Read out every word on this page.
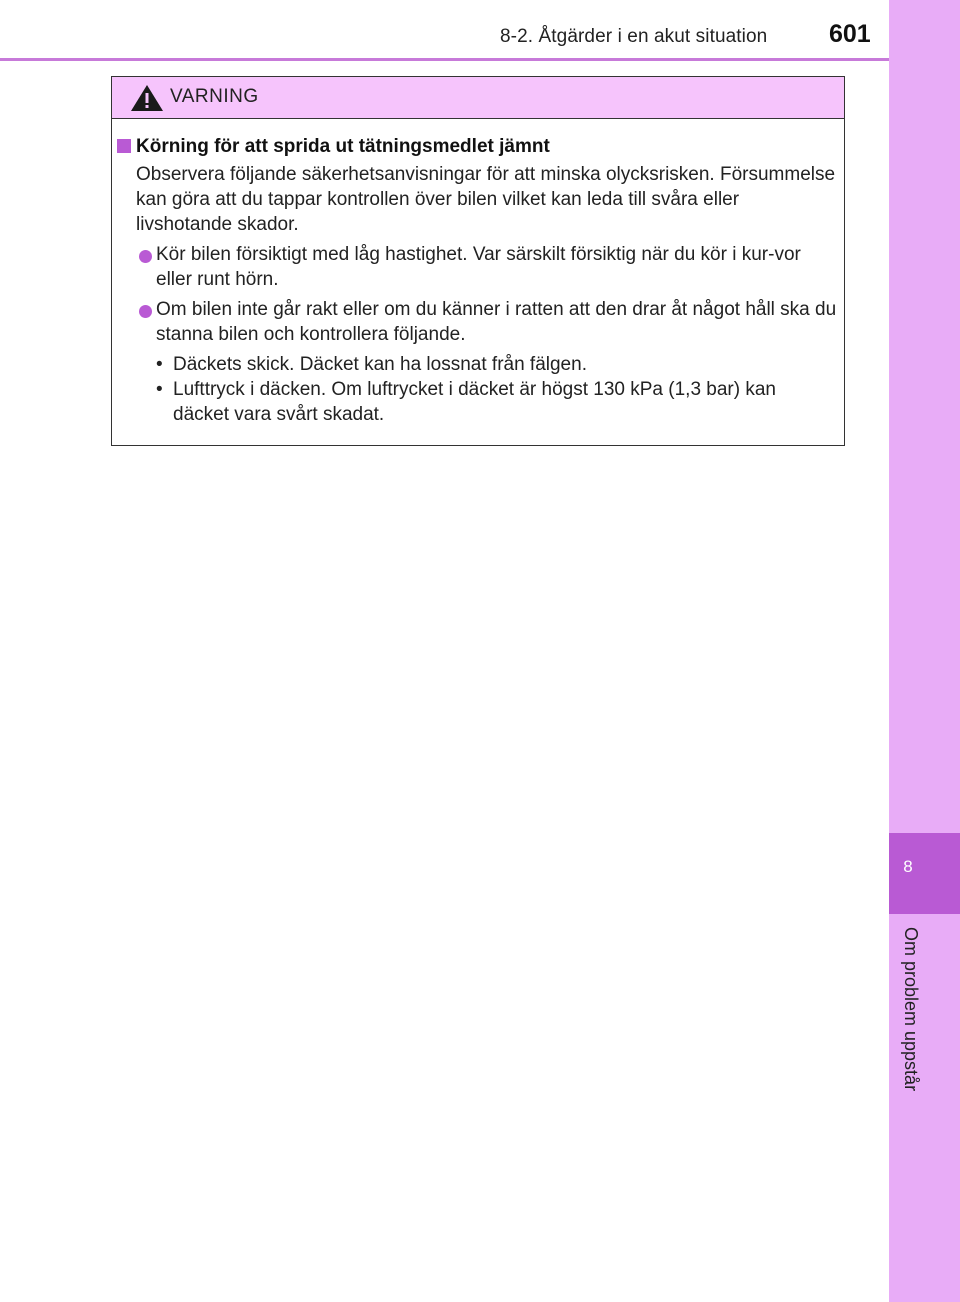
8-2. Åtgärder i en akut situation 601
8
Om problem uppstår
VARNING
Körning för att sprida ut tätningsmedlet jämnt
Observera följande säkerhetsanvisningar för att minska olycksrisken. Försummelse kan göra att du tappar kontrollen över bilen vilket kan leda till svåra eller livshotande skador.
Kör bilen försiktigt med låg hastighet. Var särskilt försiktig när du kör i kur-vor eller runt hörn.
Om bilen inte går rakt eller om du känner i ratten att den drar åt något håll ska du stanna bilen och kontrollera följande.
• Däckets skick. Däcket kan ha lossnat från fälgen.
• Lufttryck i däcken. Om luftrycket i däcket är högst 130 kPa (1,3 bar) kan däcket vara svårt skadat.
